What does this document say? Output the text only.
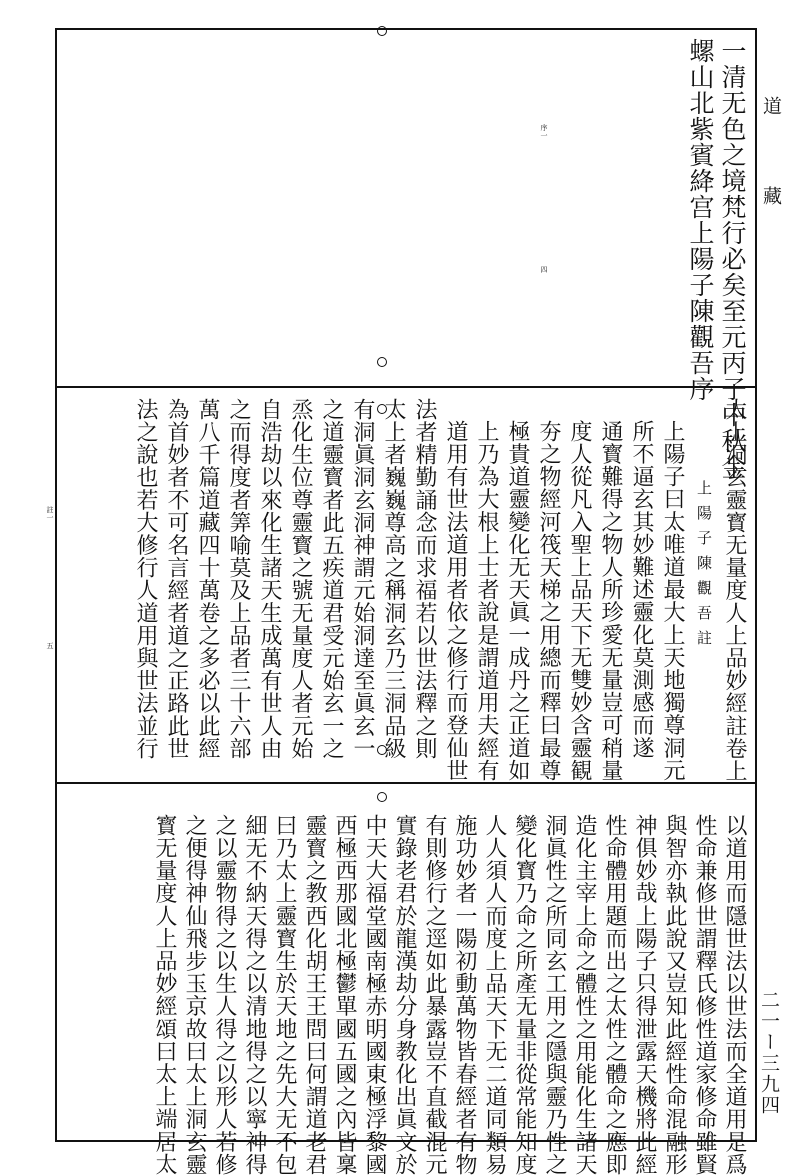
道
藏
二一ー三九四
一清无色之境梵行必矣至元丙子中秋金
螺山北紫賓絳宫上陽子陳觀吾序
序一
四
太上洞玄靈寳无量度人上品妙經註卷上
上陽子陳觀吾註
上陽子曰太唯道最大上天地獨尊洞元
所不逼玄其妙難述靈化莫測感而遂
通寳難得之物人所珍愛无量豈可稍量
度人從凡入聖上品天下无雙妙含靈観
夯之物經河筏天梯之用總而釋曰最尊
極貴道靈變化无天眞一成丹之正道如
上乃為大根上士者說是謂道用夫經有
道用有世法道用者依之修行而登仙世
法者精勤誦念而求福若以世法釋之則
太上者巍巍尊高之稱洞玄乃三洞品級
有洞眞洞玄洞神謂元始洞達至眞玄一
之道靈寳者此五疾道君受元始玄一之
烝化生位尊靈寳之號无量度人者元始
自浩劫以來化生諸天生成萬有世人由
之而得度者筭喻莫及上品者三十六部
萬八千篇道藏四十萬卷之多必以此經
為首妙者不可名言經者道之正路此世
法之說也若大修行人道用與世法並行
註一
五
以道用而隱世法以世法而全道用是爲
性命兼修世謂釋氏修性道家修命雖賢
與智亦執此說又豈知此經性命混融形
神俱妙哉上陽子只得泄露天機將此經
性命體用題而出之太性之體命之應即
造化主宰上命之體性之用能化生諸天
洞眞性之所同玄工用之隱與靈乃性之
變化寳乃命之所產无量非從常能知度
人人須人而度上品天下无二道同類易
施功妙者一陽初動萬物皆春經者有物
有則修行之逕如此暴露豈不直截混元
實錄老君於龍漢劫分身教化出眞文於
中天大福堂國南極赤明國東極浮黎國
西極西那國北極鬱單國五國之內皆稟
靈寳之教西化胡王王問曰何謂道老君
曰乃太上靈寳生於天地之先大无不包
細无不納天得之以清地得之以寧神得
之以靈物得之以生人得之以形人若修
之便得神仙飛步玉京故曰太上洞玄靈
寳无量度人上品妙經頌曰太上端居太
